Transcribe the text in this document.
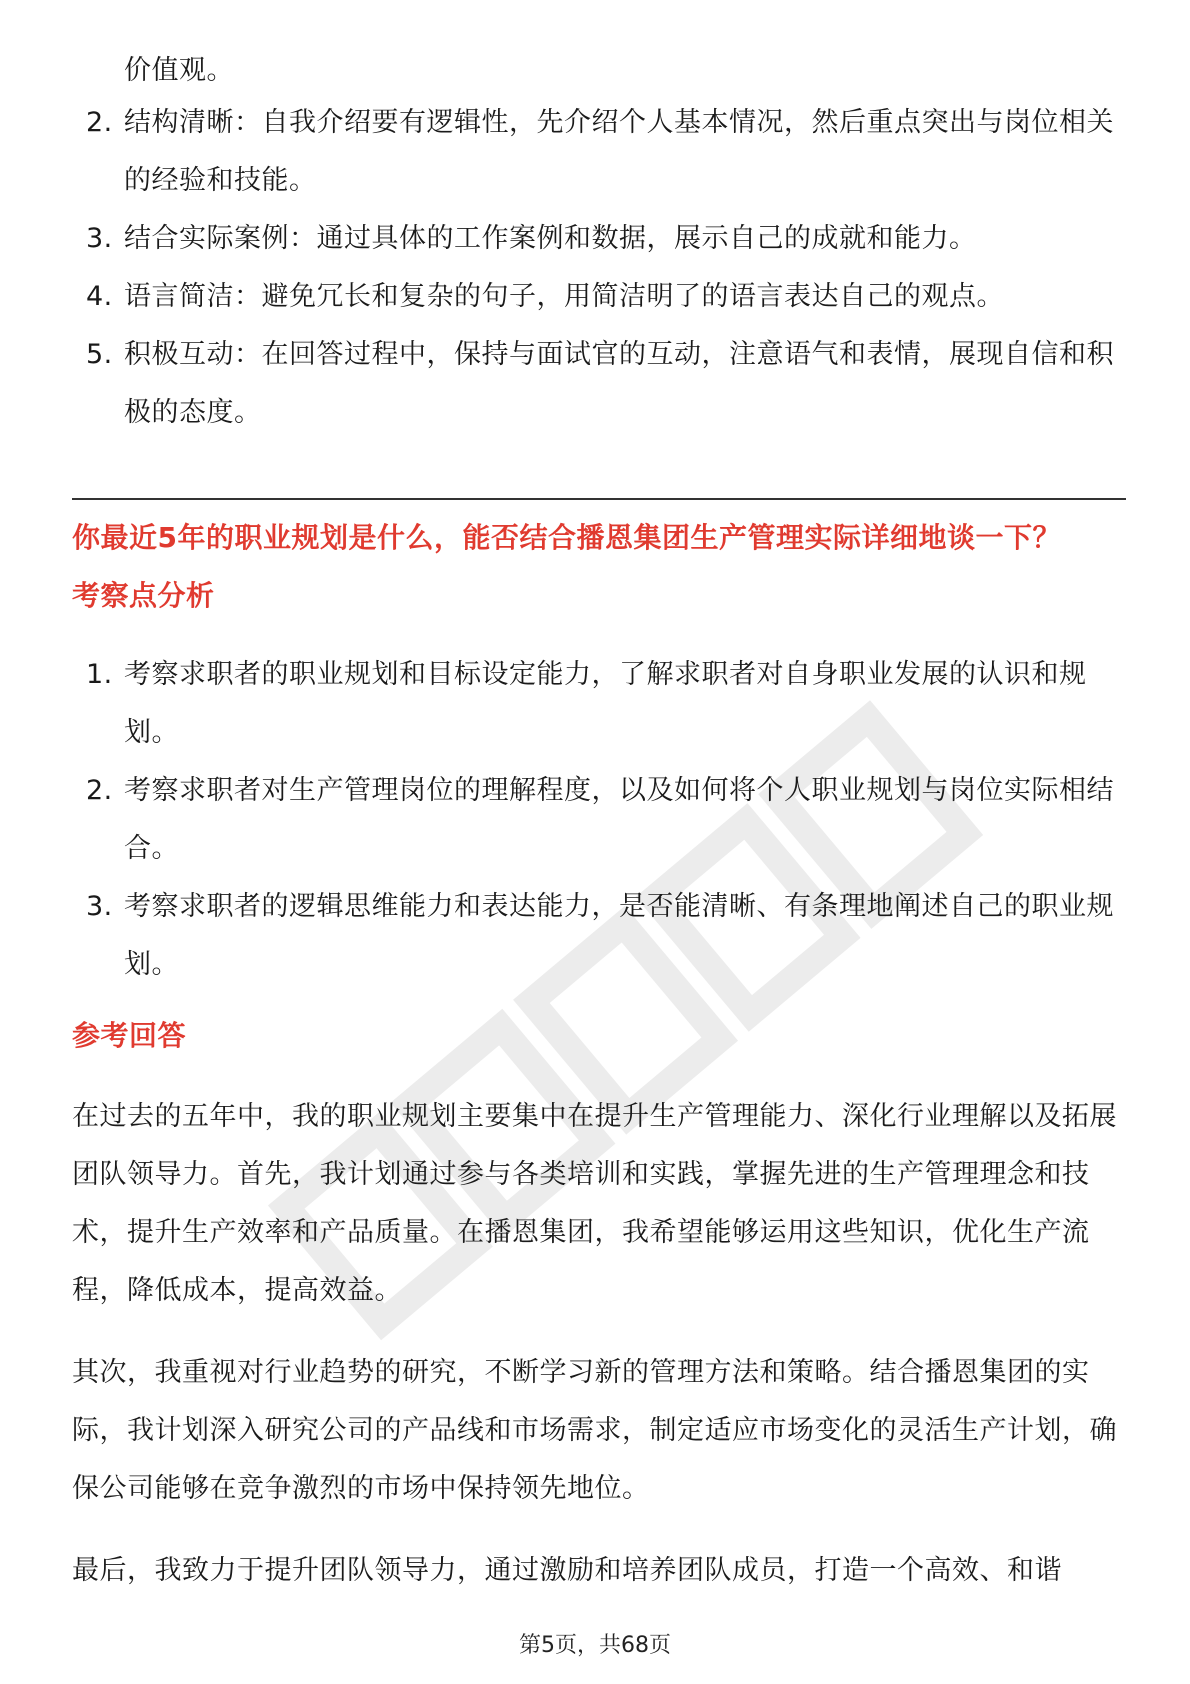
价值观。
2. 结构清晰：自我介绍要有逻辑性，先介绍个人基本情况，然后重点突出与岗位相关的经验和技能。
3. 结合实际案例：通过具体的工作案例和数据，展示自己的成就和能力。
4. 语言简洁：避免冗长和复杂的句子，用简洁明了的语言表达自己的观点。
5. 积极互动：在回答过程中，保持与面试官的互动，注意语气和表情，展现自信和积极的态度。
你最近5年的职业规划是什么，能否结合播恩集团生产管理实际详细地谈一下？
考察点分析
1. 考察求职者的职业规划和目标设定能力，了解求职者对自身职业发展的认识和规划。
2. 考察求职者对生产管理岗位的理解程度，以及如何将个人职业规划与岗位实际相结合。
3. 考察求职者的逻辑思维能力和表达能力，是否能清晰、有条理地阐述自己的职业规划。
参考回答
在过去的五年中，我的职业规划主要集中在提升生产管理能力、深化行业理解以及拓展团队领导力。首先，我计划通过参与各类培训和实践，掌握先进的生产管理理念和技术，提升生产效率和产品质量。在播恩集团，我希望能够运用这些知识，优化生产流程，降低成本，提高效益。
其次，我重视对行业趋势的研究，不断学习新的管理方法和策略。结合播恩集团的实际，我计划深入研究公司的产品线和市场需求，制定适应市场变化的灵活生产计划，确保公司能够在竞争激烈的市场中保持领先地位。
最后，我致力于提升团队领导力，通过激励和培养团队成员，打造一个高效、和谐
第5页，共68页
